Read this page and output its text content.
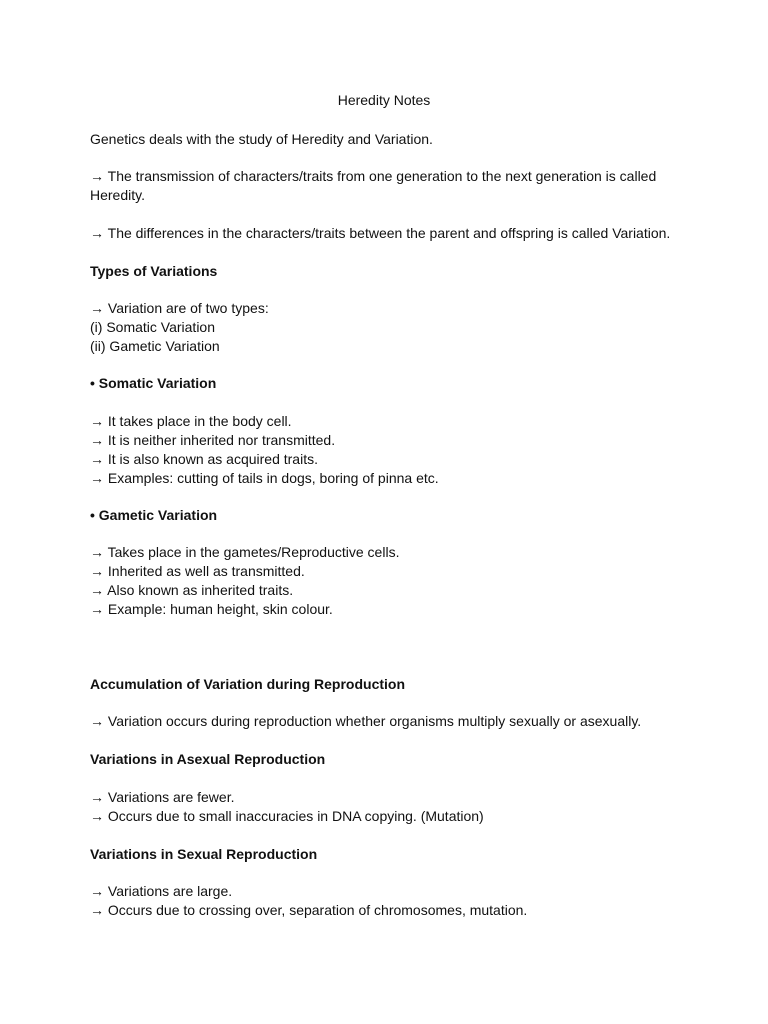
Heredity Notes
Genetics deals with the study of Heredity and Variation.
→ The transmission of characters/traits from one generation to the next generation is called Heredity.
→ The differences in the characters/traits between the parent and offspring is called Variation.
Types of Variations
→ Variation are of two types:
(i) Somatic Variation
(ii) Gametic Variation
• Somatic Variation
→ It takes place in the body cell.
→ It is neither inherited nor transmitted.
→ It is also known as acquired traits.
→ Examples: cutting of tails in dogs, boring of pinna etc.
• Gametic Variation
→ Takes place in the gametes/Reproductive cells.
→ Inherited as well as transmitted.
→ Also known as inherited traits.
→ Example: human height, skin colour.
Accumulation of Variation during Reproduction
→ Variation occurs during reproduction whether organisms multiply sexually or asexually.
Variations in Asexual Reproduction
→ Variations are fewer.
→ Occurs due to small inaccuracies in DNA copying. (Mutation)
Variations in Sexual Reproduction
→ Variations are large.
→ Occurs due to crossing over, separation of chromosomes, mutation.
